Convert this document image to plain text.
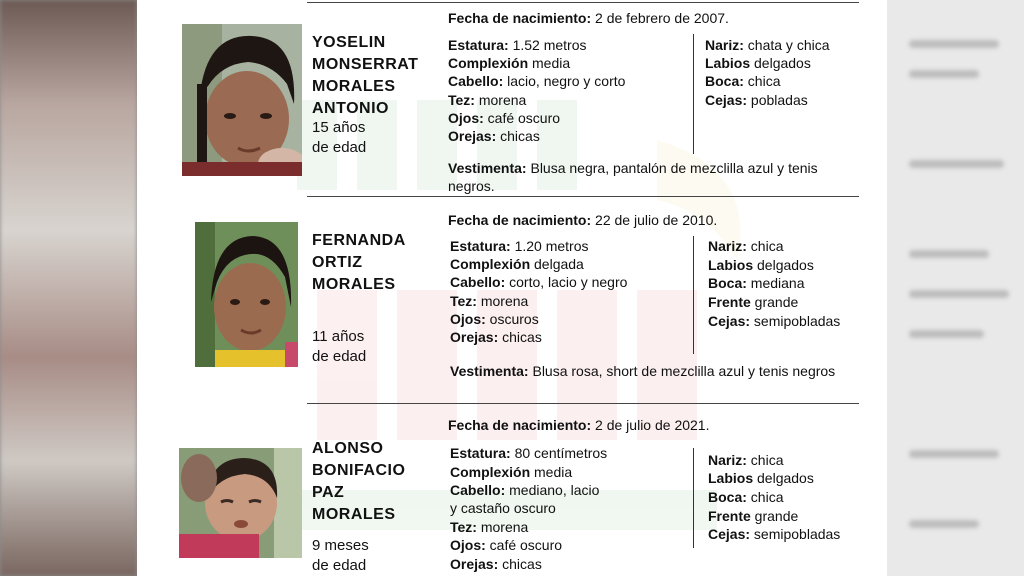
YOSELIN
MONSERRAT
MORALES
ANTONIO
15 años
de edad
Fecha de nacimiento: 2 de febrero de 2007.
Estatura: 1.52 metros
Complexión media
Cabello: lacio, negro y corto
Tez: morena
Ojos: café oscuro
Orejas: chicas
Nariz: chata y chica
Labios delgados
Boca: chica
Cejas: pobladas
Vestimenta: Blusa negra, pantalón de mezclilla azul y tenis negros.
FERNANDA
ORTIZ
MORALES
11 años
de edad
Fecha de nacimiento: 22 de julio de 2010.
Estatura: 1.20 metros
Complexión delgada
Cabello: corto, lacio y negro
Tez: morena
Ojos: oscuros
Orejas: chicas
Nariz: chica
Labios delgados
Boca: mediana
Frente grande
Cejas: semipobladas
Vestimenta: Blusa rosa, short de mezclilla azul y tenis negros
ALONSO
BONIFACIO
PAZ
MORALES
9 meses
de edad
Fecha de nacimiento: 2 de julio de 2021.
Estatura: 80 centímetros
Complexión media
Cabello: mediano, lacio
y castaño oscuro
Tez: morena
Ojos: café oscuro
Orejas: chicas
Nariz: chica
Labios delgados
Boca: chica
Frente grande
Cejas: semipobladas
